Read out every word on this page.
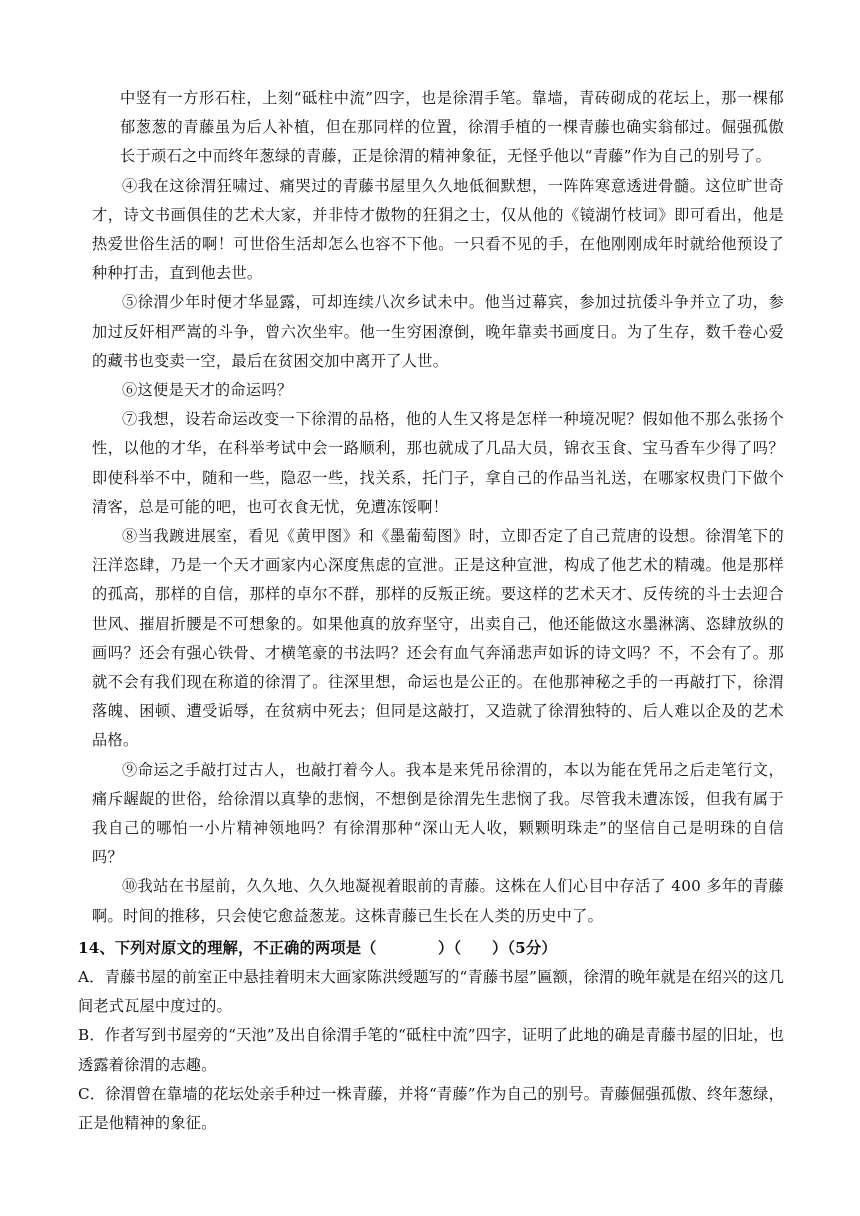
中竖有一方形石柱，上刻“砥柱中流”四字，也是徐渭手笔。靠墙，青砖砌成的花坛上，那一棵郁郁葱葱的青藤虽为后人补植，但在那同样的位置，徐渭手植的一棵青藤也确实翁郁过。倔强孤傲长于顽石之中而终年葱绿的青藤，正是徐渭的精神象征，无怪乎他以“青藤”作为自己的别号了。

④我在这徐渭狂啸过、痛哭过的青藤书屋里久久地低徊默想，一阵阵寒意透进骨髓。这位旷世奇才，诗文书画俱佳的艺术大家，并非恃才傲物的狂狷之士，仅从他的《镜湖竹枝词》即可看出，他是热爱世俗生活的啊！可世俗生活却怎么也容不下他。一只看不见的手，在他刚刚成年时就给他预设了种种打击，直到他去世。

⑤徐渭少年时便才华显露，可却连续八次乡试未中。他当过幕宾，参加过抗倭斗争并立了功，参加过反奸相严嵩的斗争，曾六次坐牢。他一生穷困潦倒，晚年靠卖书画度日。为了生存，数千卷心爱的藏书也变卖一空，最后在贫困交加中离开了人世。

⑥这便是天才的命运吗？

⑦我想，设若命运改变一下徐渭的品格，他的人生又将是怎样一种境况呢？假如他不那么张扬个性，以他的才华，在科举考试中会一路顺利，那也就成了几品大员，锦衣玉食、宝马香车少得了吗？即使科举不中，随和一些，隐忍一些，找关系，托门子，拿自己的作品当礼送，在哪家权贵门下做个清客，总是可能的吧，也可衣食无忧，免遭冻馁啊！

⑧当我踱进展室，看见《黄甲图》和《墨葡萄图》时，立即否定了自己荒唐的设想。徐渭笔下的汪洋恣肆，乃是一个天才画家内心深度焦虑的宣泄。正是这种宣泄，构成了他艺术的精魂。他是那样的孤高，那样的自信，那样的卓尔不群，那样的反叛正统。要这样的艺术天才、反传统的斗士去迎合世风、摧眉折腰是不可想象的。如果他真的放弃坚守，出卖自己，他还能做这水墨淋漓、恣肆放纵的画吗？还会有强心铁骨、才横笔豪的书法吗？还会有血气奔涌悲声如诉的诗文吗？不，不会有了。那就不会有我们现在称道的徐渭了。往深里想，命运也是公正的。在他那神秘之手的一再敲打下，徐渭落魄、困顿、遭受诟辱，在贫病中死去；但同是这敲打，又造就了徐渭独特的、后人难以企及的艺术品格。

⑨命运之手敲打过古人，也敲打着今人。我本是来凭吊徐渭的，本以为能在凭吊之后走笔行文，痛斥龌龊的世俗，给徐渭以真挚的悲悯，不想倒是徐渭先生悲悯了我。尽管我未遭冻馁，但我有属于我自己的哪怕一小片精神领地吗？有徐渭那种“深山无人收，颗颗明珠走”的坚信自己是明珠的自信吗？

⑩我站在书屋前，久久地、久久地凝视着眼前的青藤。这株在人们心目中存活了 400 多年的青藤啊。时间的推移，只会使它愈益葱茏。这株青藤已生长在人类的历史中了。

14、下列对原文的理解，不正确的两项是（　　　　）（　　）（5分）

A．青藤书屋的前室正中悬挂着明末大画家陈洪绶题写的“青藤书屋”匾额，徐渭的晚年就是在绍兴的这几间老式瓦屋中度过的。

B．作者写到书屋旁的“天池”及出自徐渭手笔的“砥柱中流”四字，证明了此地的确是青藤书屋的旧址，也透露着徐渭的志趣。

C．徐渭曾在靠墙的花坛处亲手种过一株青藤，并将“青藤”作为自己的别号。青藤倔强孤傲、终年葱绿，正是他精神的象征。
